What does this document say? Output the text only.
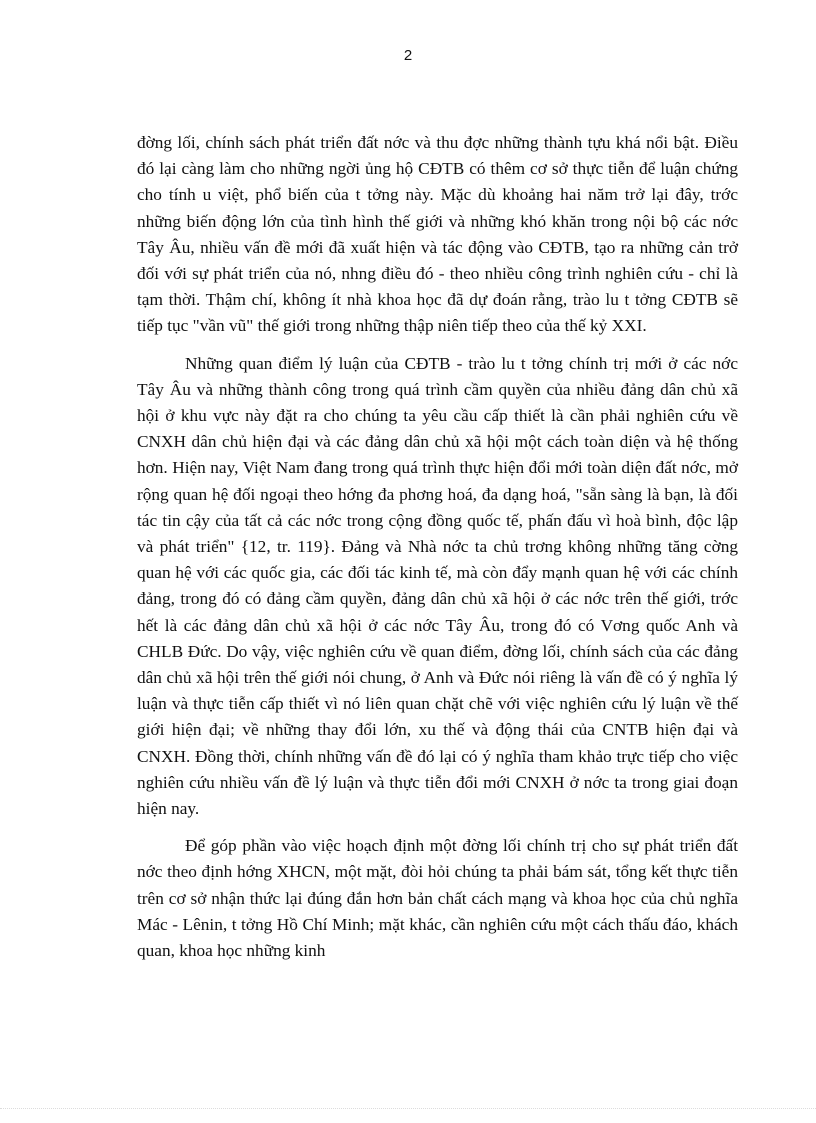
2

đờng lối, chính sách phát triển đất nớc và thu đợc những thành tựu khá nổi bật. Điều đó lại càng làm cho những ngời ủng hộ CĐTB có thêm cơ sở thực tiễn để luận chứng cho tính u việt, phổ biến của t tởng này. Mặc dù khoảng hai năm trở lại đây, trớc những biến động lớn của tình hình thế giới và những khó khăn trong nội bộ các nớc Tây Âu, nhiều vấn đề mới đã xuất hiện và tác động vào CĐTB, tạo ra những cản trở đối với sự phát triển của nó, nhng điều đó - theo nhiều công trình nghiên cứu - chỉ là tạm thời. Thậm chí, không ít nhà khoa học đã dự đoán rằng, trào lu t tởng CĐTB sẽ tiếp tục "vần vũ" thế giới trong những thập niên tiếp theo của thế kỷ XXI.

Những quan điểm lý luận của CĐTB - trào lu t tởng chính trị mới ở các nớc Tây Âu và những thành công trong quá trình cầm quyền của nhiều đảng dân chủ xã hội ở khu vực này đặt ra cho chúng ta yêu cầu cấp thiết là cần phải nghiên cứu về CNXH dân chủ hiện đại và các đảng dân chủ xã hội một cách toàn diện và hệ thống hơn. Hiện nay, Việt Nam đang trong quá trình thực hiện đổi mới toàn diện đất nớc, mở rộng quan hệ đối ngoại theo hớng đa phơng hoá, đa dạng hoá, "sẵn sàng là bạn, là đối tác tin cậy của tất cả các nớc trong cộng đồng quốc tế, phấn đấu vì hoà bình, độc lập và phát triển" {12, tr. 119}. Đảng và Nhà nớc ta chủ trơng không những tăng cờng quan hệ với các quốc gia, các đối tác kinh tế, mà còn đẩy mạnh quan hệ với các chính đảng, trong đó có đảng cầm quyền, đảng dân chủ xã hội ở các nớc trên thế giới, trớc hết là các đảng dân chủ xã hội ở các nớc Tây Âu, trong đó có Vơng quốc Anh và CHLB Đức. Do vậy, việc nghiên cứu về quan điểm, đờng lối, chính sách của các đảng dân chủ xã hội trên thế giới nói chung, ở Anh và Đức nói riêng là vấn đề có ý nghĩa lý luận và thực tiễn cấp thiết vì nó liên quan chặt chẽ với việc nghiên cứu lý luận về thế giới hiện đại; về những thay đổi lớn, xu thế và động thái của CNTB hiện đại và CNXH. Đồng thời, chính những vấn đề đó lại có ý nghĩa tham khảo trực tiếp cho việc nghiên cứu nhiều vấn đề lý luận và thực tiễn đổi mới CNXH ở nớc ta trong giai đoạn hiện nay.

Để góp phần vào việc hoạch định một đờng lối chính trị cho sự phát triển đất nớc theo định hớng XHCN, một mặt, đòi hỏi chúng ta phải bám sát, tổng kết thực tiễn trên cơ sở nhận thức lại đúng đắn hơn bản chất cách mạng và khoa học của chủ nghĩa Mác - Lênin, t tởng Hồ Chí Minh; mặt khác, cần nghiên cứu một cách thấu đáo, khách quan, khoa học những kinh
